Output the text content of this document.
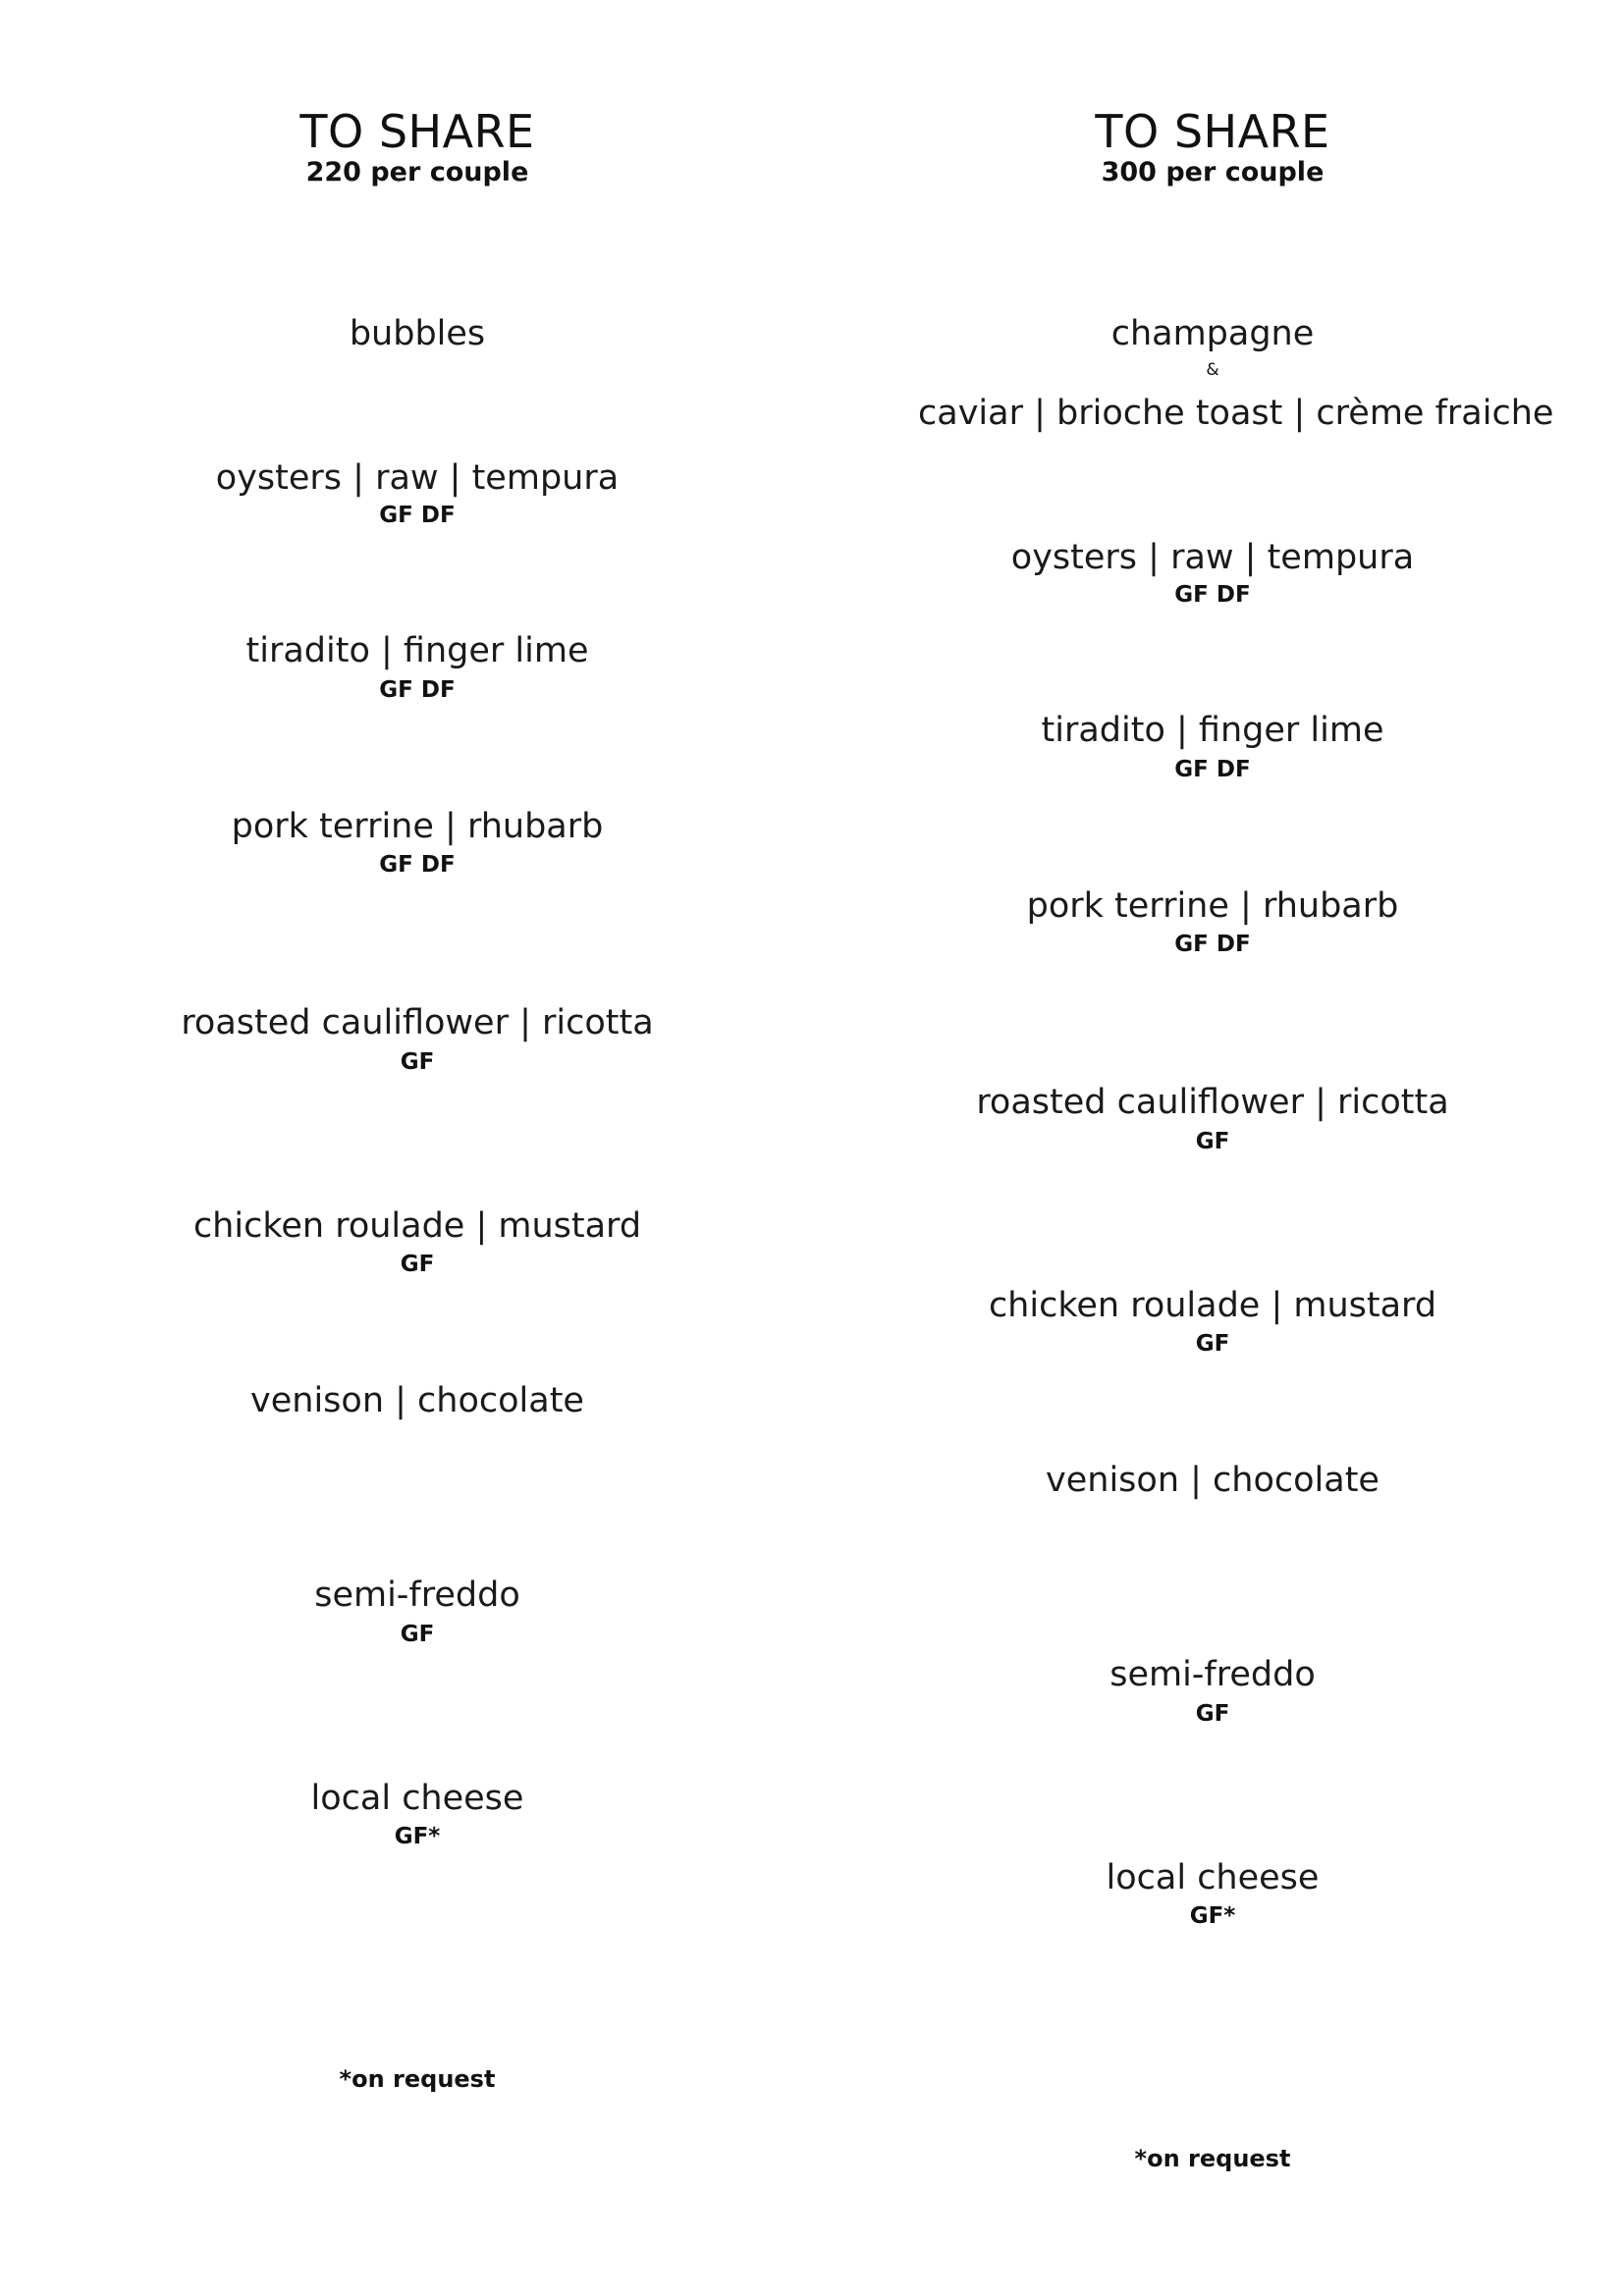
TO SHARE
220 per couple
bubbles
oysters | raw | tempura
GF DF
tiradito | finger lime
GF DF
pork terrine | rhubarb
GF DF
roasted cauliflower | ricotta
GF
chicken roulade | mustard
GF
venison | chocolate
semi-freddo
GF
local cheese
GF*
*on request
TO SHARE
300 per couple
champagne
&
caviar | brioche toast | crème fraiche
oysters | raw | tempura
GF DF
tiradito | finger lime
GF DF
pork terrine | rhubarb
GF DF
roasted cauliflower | ricotta
GF
chicken roulade | mustard
GF
venison | chocolate
semi-freddo
GF
local cheese
GF*
*on request
